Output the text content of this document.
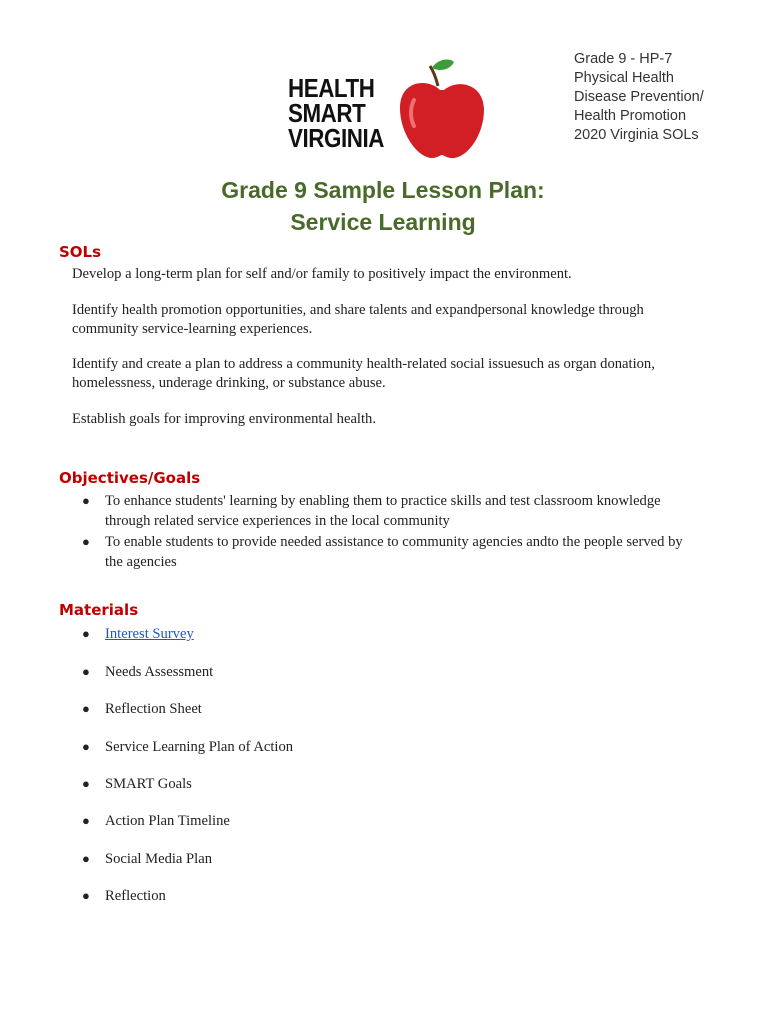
HEALTH
SMART
VIRGINIA
Grade 9 - HP-7
Physical Health
Disease Prevention/
Health Promotion
2020 Virginia SOLs
Grade 9 Sample Lesson Plan:
Service Learning
SOLs
Develop a long-term plan for self and/or family to positively impact the environment.
Identify health promotion opportunities, and share talents and expandpersonal knowledge through community service-learning experiences.
Identify and create a plan to address a community health-related social issuesuch as organ donation, homelessness, underage drinking, or substance abuse.
Establish goals for improving environmental health.
Objectives/Goals
● To enhance students' learning by enabling them to practice skills and test classroom knowledge through related service experiences in the local community
● To enable students to provide needed assistance to community agencies andto the people served by the agencies
Materials
● Interest Survey
● Needs Assessment
● Reflection Sheet
● Service Learning Plan of Action
● SMART Goals
● Action Plan Timeline
● Social Media Plan
● Reflection
